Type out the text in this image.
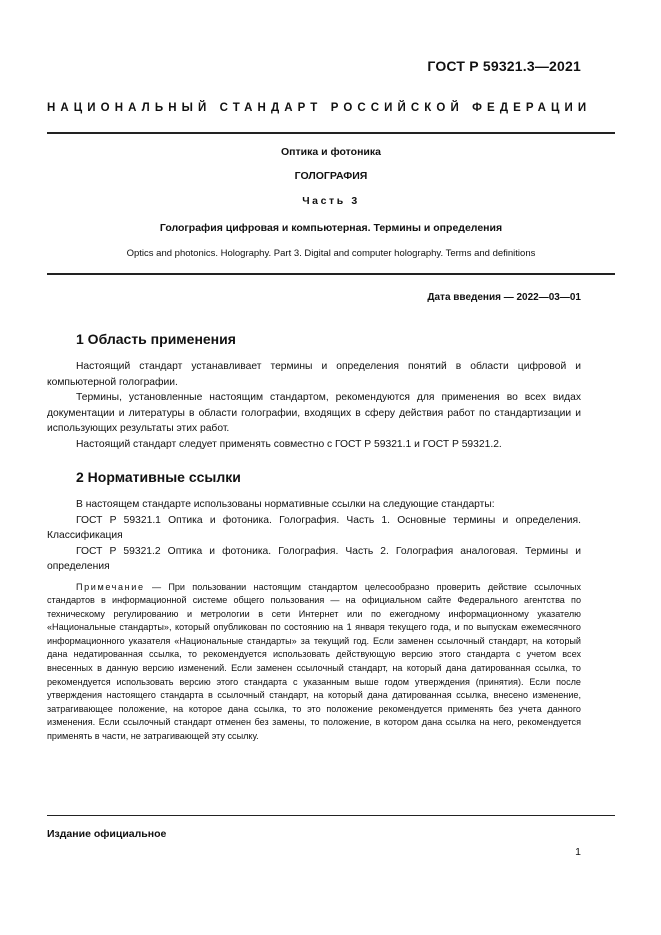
ГОСТ Р 59321.3—2021
НАЦИОНАЛЬНЫЙ СТАНДАРТ РОССИЙСКОЙ ФЕДЕРАЦИИ
Оптика и фотоника
ГОЛОГРАФИЯ
Часть 3
Голография цифровая и компьютерная. Термины и определения
Optics and photonics. Holography. Part 3. Digital and computer holography. Terms and definitions
Дата введения — 2022—03—01
1 Область применения

Настоящий стандарт устанавливает термины и определения понятий в области цифровой и компьютерной голографии.

Термины, установленные настоящим стандартом, рекомендуются для применения во всех видах документации и литературы в области голографии, входящих в сферу действия работ по стандартизации и использующих результаты этих работ.

Настоящий стандарт следует применять совместно с ГОСТ Р 59321.1 и ГОСТ Р 59321.2.

2 Нормативные ссылки

В настоящем стандарте использованы нормативные ссылки на следующие стандарты:

ГОСТ Р 59321.1 Оптика и фотоника. Голография. Часть 1. Основные термины и определения. Классификация

ГОСТ Р 59321.2 Оптика и фотоника. Голография. Часть 2. Голография аналоговая. Термины и определения

Примечание — При пользовании настоящим стандартом целесообразно проверить действие ссылочных стандартов в информационной системе общего пользования — на официальном сайте Федерального агентства по техническому регулированию и метрологии в сети Интернет или по ежегодному информационному указателю «Национальные стандарты», который опубликован по состоянию на 1 января текущего года, и по выпускам ежемесячного информационного указателя «Национальные стандарты» за текущий год. Если заменен ссылочный стандарт, на который дана недатированная ссылка, то рекомендуется использовать действующую версию этого стандарта с учетом всех внесенных в данную версию изменений. Если заменен ссылочный стандарт, на который дана датированная ссылка, то рекомендуется использовать версию этого стандарта с указанным выше годом утверждения (принятия). Если после утверждения настоящего стандарта в ссылочный стандарт, на который дана датированная ссылка, внесено изменение, затрагивающее положение, на которое дана ссылка, то это положение рекомендуется применять без учета данного изменения. Если ссылочный стандарт отменен без замены, то положение, в котором дана ссылка на него, рекомендуется применять в части, не затрагивающей эту ссылку.
Издание официальное
1
